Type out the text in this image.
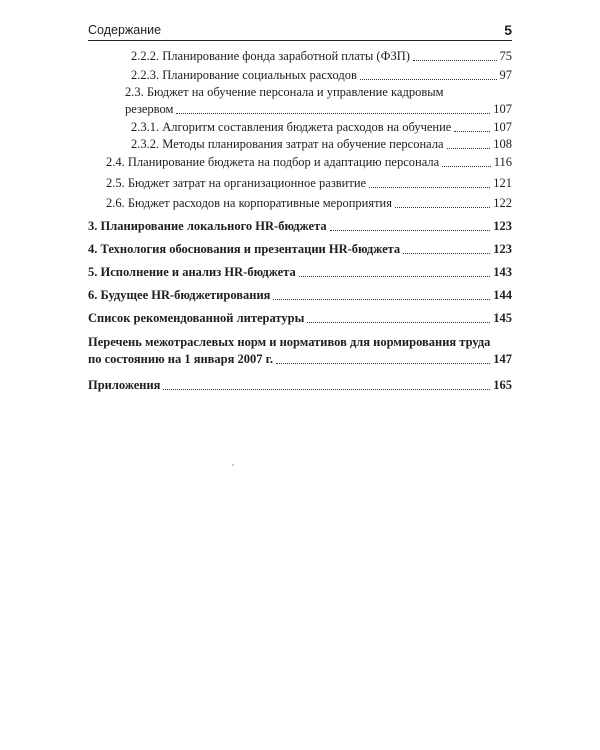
Содержание	5
2.2.2. Планирование фонда заработной платы (ФЗП)	75
2.2.3. Планирование социальных расходов	97
2.3. Бюджет на обучение персонала и управление кадровым
резервом	107
2.3.1. Алгоритм составления бюджета расходов на обучение	107
2.3.2. Методы планирования затрат на обучение персонала	108
2.4. Планирование бюджета на подбор и адаптацию персонала	116
2.5. Бюджет затрат на организационное развитие	121
2.6. Бюджет расходов на корпоративные мероприятия	122
3. Планирование локального HR-бюджета	123
4. Технология обоснования и презентации HR-бюджета	123
5. Исполнение и анализ HR-бюджета	143
6. Будущее HR-бюджетирования	144
Список рекомендованной литературы	145
Перечень межотраслевых норм и нормативов для нормирования труда
по состоянию на 1 января 2007 г.	147
Приложения	165
